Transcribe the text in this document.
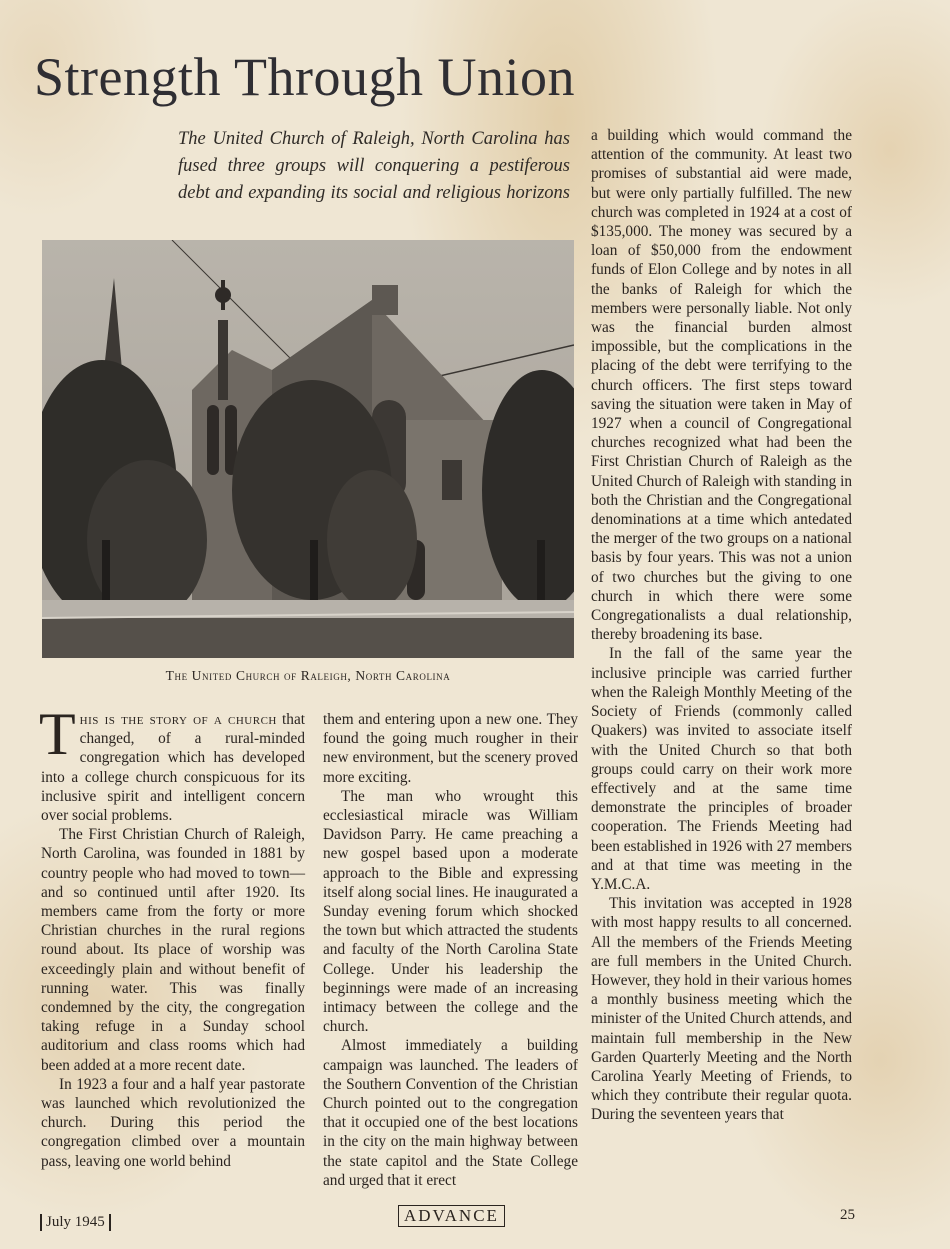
Strength Through Union
The United Church of Raleigh, North Carolina has fused three groups will conquering a pestiferous debt and expanding its social and religious horizons
The United Church of Raleigh, North Carolina

This is the story of a church that changed, of a rural-minded congregation which has developed into a college church conspicuous for its inclusive spirit and intelligent concern over social problems.

The First Christian Church of Raleigh, North Carolina, was founded in 1881 by country people who had moved to town—and so continued until after 1920. Its members came from the forty or more Christian churches in the rural regions round about. Its place of worship was exceedingly plain and without benefit of running water. This was finally condemned by the city, the congregation taking refuge in a Sunday school auditorium and class rooms which had been added at a more recent date.

In 1923 a four and a half year pastorate was launched which revolutionized the church. During this period the congregation climbed over a mountain pass, leaving one world behind

them and entering upon a new one. They found the going much rougher in their new environment, but the scenery proved more exciting.

The man who wrought this ecclesiastical miracle was William Davidson Parry. He came preaching a new gospel based upon a moderate approach to the Bible and expressing itself along social lines. He inaugurated a Sunday evening forum which shocked the town but which attracted the students and faculty of the North Carolina State College. Under his leadership the beginnings were made of an increasing intimacy between the college and the church.

Almost immediately a building campaign was launched. The leaders of the Southern Convention of the Christian Church pointed out to the congregation that it occupied one of the best locations in the city on the main highway between the state capitol and the State College and urged that it erect

a building which would command the attention of the community. At least two promises of substantial aid were made, but were only partially fulfilled. The new church was completed in 1924 at a cost of $135,000. The money was secured by a loan of $50,000 from the endowment funds of Elon College and by notes in all the banks of Raleigh for which the members were personally liable. Not only was the financial burden almost impossible, but the complications in the placing of the debt were terrifying to the church officers. The first steps toward saving the situation were taken in May of 1927 when a council of Congregational churches recognized what had been the First Christian Church of Raleigh as the United Church of Raleigh with standing in both the Christian and the Congregational denominations at a time which antedated the merger of the two groups on a national basis by four years. This was not a union of two churches but the giving to one church in which there were some Congregationalists a dual relationship, thereby broadening its base.

In the fall of the same year the inclusive principle was carried further when the Raleigh Monthly Meeting of the Society of Friends (commonly called Quakers) was invited to associate itself with the United Church so that both groups could carry on their work more effectively and at the same time demonstrate the principles of broader cooperation. The Friends Meeting had been established in 1926 with 27 members and at that time was meeting in the Y.M.C.A.

This invitation was accepted in 1928 with most happy results to all concerned. All the members of the Friends Meeting are full members in the United Church. However, they hold in their various homes a monthly business meeting which the minister of the United Church attends, and maintain full membership in the New Garden Quarterly Meeting and the North Carolina Yearly Meeting of Friends, to which they contribute their regular quota. During the seventeen years that

July 1945	ADVANCE	25
